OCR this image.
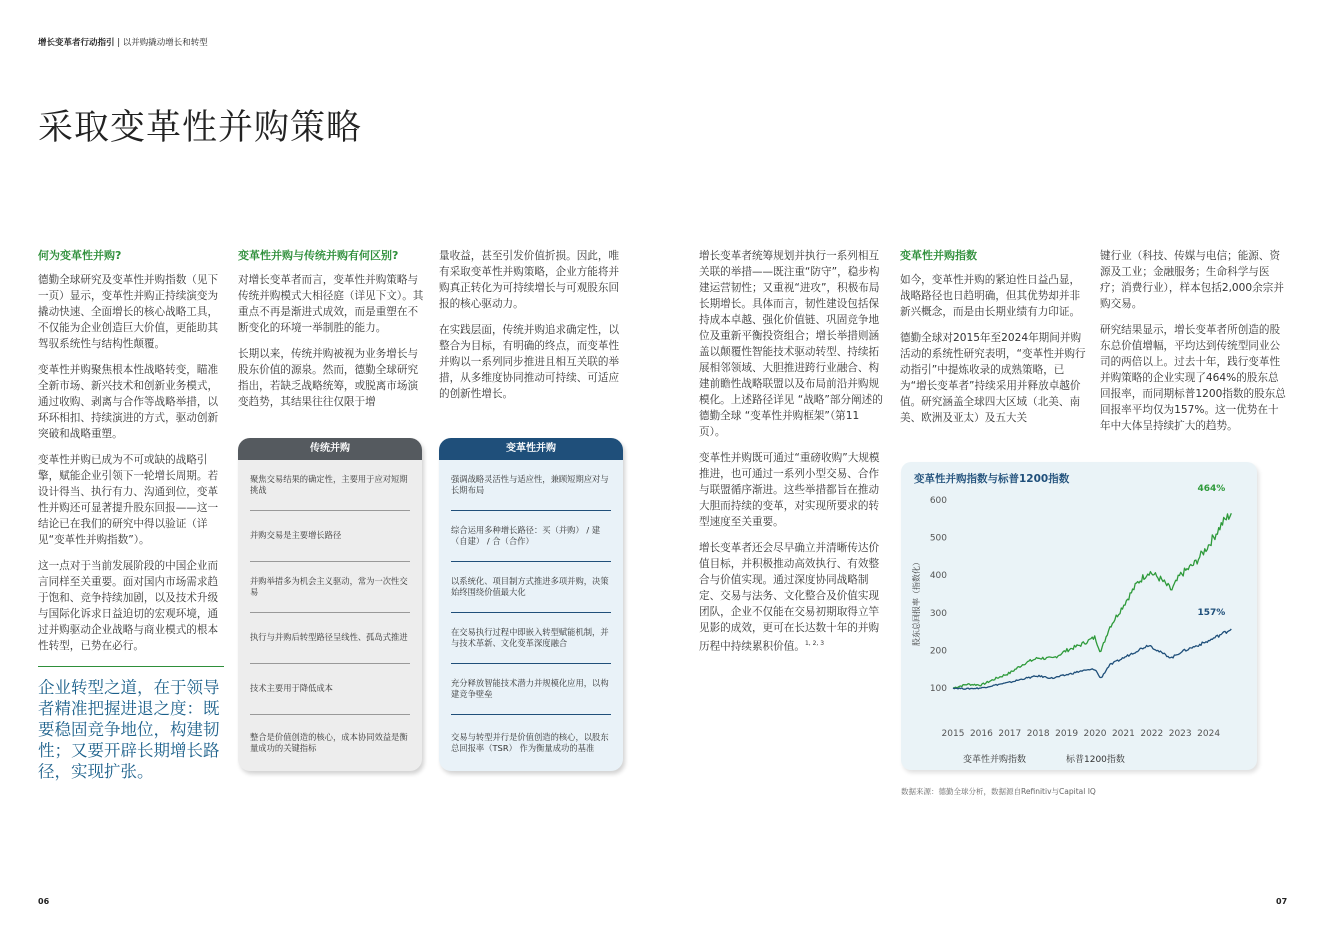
增长变革者行动指引 | 以并购撬动增长和转型
采取变革性并购策略
何为变革性并购?

德勤全球研究及变革性并购指数（见下一页）显示，变革性并购正持续演变为撬动快速、全面增长的核心战略工具，不仅能为企业创造巨大价值，更能助其驾驭系统性与结构性颠覆。

变革性并购聚焦根本性战略转变，瞄准全新市场、新兴技术和创新业务模式，通过收购、剥离与合作等战略举措，以环环相扣、持续演进的方式，驱动创新突破和战略重塑。

变革性并购已成为不可或缺的战略引擎，赋能企业引领下一轮增长周期。若设计得当、执行有力、沟通到位，变革性并购还可显著提升股东回报——这一结论已在我们的研究中得以验证（详见“变革性并购指数”）。

这一点对于当前发展阶段的中国企业而言同样至关重要。面对国内市场需求趋于饱和、竞争持续加剧，以及技术升级与国际化诉求日益迫切的宏观环境，通过并购驱动企业战略与商业模式的根本性转型，已势在必行。

企业转型之道，在于领导者精准把握进退之度：既要稳固竞争地位，构建韧性；又要开辟长期增长路径，实现扩张。
变革性并购与传统并购有何区别?

对增长变革者而言，变革性并购策略与传统并购模式大相径庭（详见下文）。其重点不再是渐进式成效，而是重塑在不断变化的环境一举制胜的能力。

长期以来，传统并购被视为业务增长与股东价值的源泉。然而，德勤全球研究指出，若缺乏战略统筹，或脱离市场演变趋势，其结果往往仅限于增

量收益，甚至引发价值折损。因此，唯有采取变革性并购策略，企业方能将并购真正转化为可持续增长与可观股东回报的核心驱动力。

在实践层面，传统并购追求确定性，以整合为目标，有明确的终点，而变革性并购以一系列同步推进且相互关联的举措，从多维度协同推动可持续、可适应的创新性增长。

传统并购
聚焦交易结果的确定性，主要用于应对短期挑战
并购交易是主要增长路径
并购举措多为机会主义驱动，常为一次性交易
执行与并购后转型路径呈线性、孤岛式推进
技术主要用于降低成本
整合是价值创造的核心，成本协同效益是衡量成功的关键指标
变革性并购
强调战略灵活性与适应性，兼顾短期应对与长期布局
综合运用多种增长路径：买（并购） / 建（自建） / 合（合作）
以系统化、项目制方式推进多项并购，决策始终围绕价值最大化
在交易执行过程中即嵌入转型赋能机制，并与技术革新、文化变革深度融合
充分释放智能技术潜力并规模化应用，以构建竞争壁垒
交易与转型并行是价值创造的核心，以股东总回报率（TSR） 作为衡量成功的基准

增长变革者统筹规划并执行一系列相互关联的举措——既注重“防守”，稳步构建运营韧性；又重视“进攻”，积极布局长期增长。具体而言，韧性建设包括保持成本卓越、强化价值链、巩固竞争地位及重新平衡投资组合；增长举措则涵盖以颠覆性智能技术驱动转型、持续拓展相邻领域、大胆推进跨行业融合、构建前瞻性战略联盟以及布局前沿并购规模化。上述路径详见 “战略”部分阐述的德勤全球 “变革性并购框架”（第11页）。

变革性并购既可通过“重磅收购”大规模推进，也可通过一系列小型交易、合作与联盟循序渐进。这些举措都旨在推动大胆而持续的变革，对实现所要求的转型速度至关重要。

增长变革者还会尽早确立并清晰传达价值目标，并积极推动高效执行、有效整合与价值实现。通过深度协同战略制定、交易与法务、文化整合及价值实现团队，企业不仅能在交易初期取得立竿见影的成效，更可在长达数十年的并购历程中持续累积价值。$^{1, 2, 3}$

变革性并购指数

如今，变革性并购的紧迫性日益凸显，战略路径也日趋明确，但其优势却并非新兴概念，而是由长期业绩有力印证。

德勤全球对2015年至2024年期间并购活动的系统性研究表明，“变革性并购行动指引”中提炼收录的成熟策略，已为“增长变革者”持续采用并释放卓越价值。研究涵盖全球四大区域（北美、南美、欧洲及亚太）及五大关

键行业（科技、传媒与电信；能源、资源及工业；金融服务；生命科学与医疗；消费行业），样本包括2,000余宗并购交易。

研究结果显示，增长变革者所创造的股东总价值增幅，平均达到传统型同业公司的两倍以上。过去十年，践行变革性并购策略的企业实现了464%的股东总回报率，而同期标普1200指数的股东总回报率平均仅为157%。这一优势在十年中大体呈持续扩大的趋势。

变革性并购指数与标普1200指数
100
200
300
400
500
600
股东总回报率（指数化）
2015 2016 2017 2018 2019 2020 2021 2022 2023 2024
464%
157%
变革性并购指数	标普1200指数
数据来源：德勤全球分析，数据源自Refinitiv与Capital IQ
06	07
